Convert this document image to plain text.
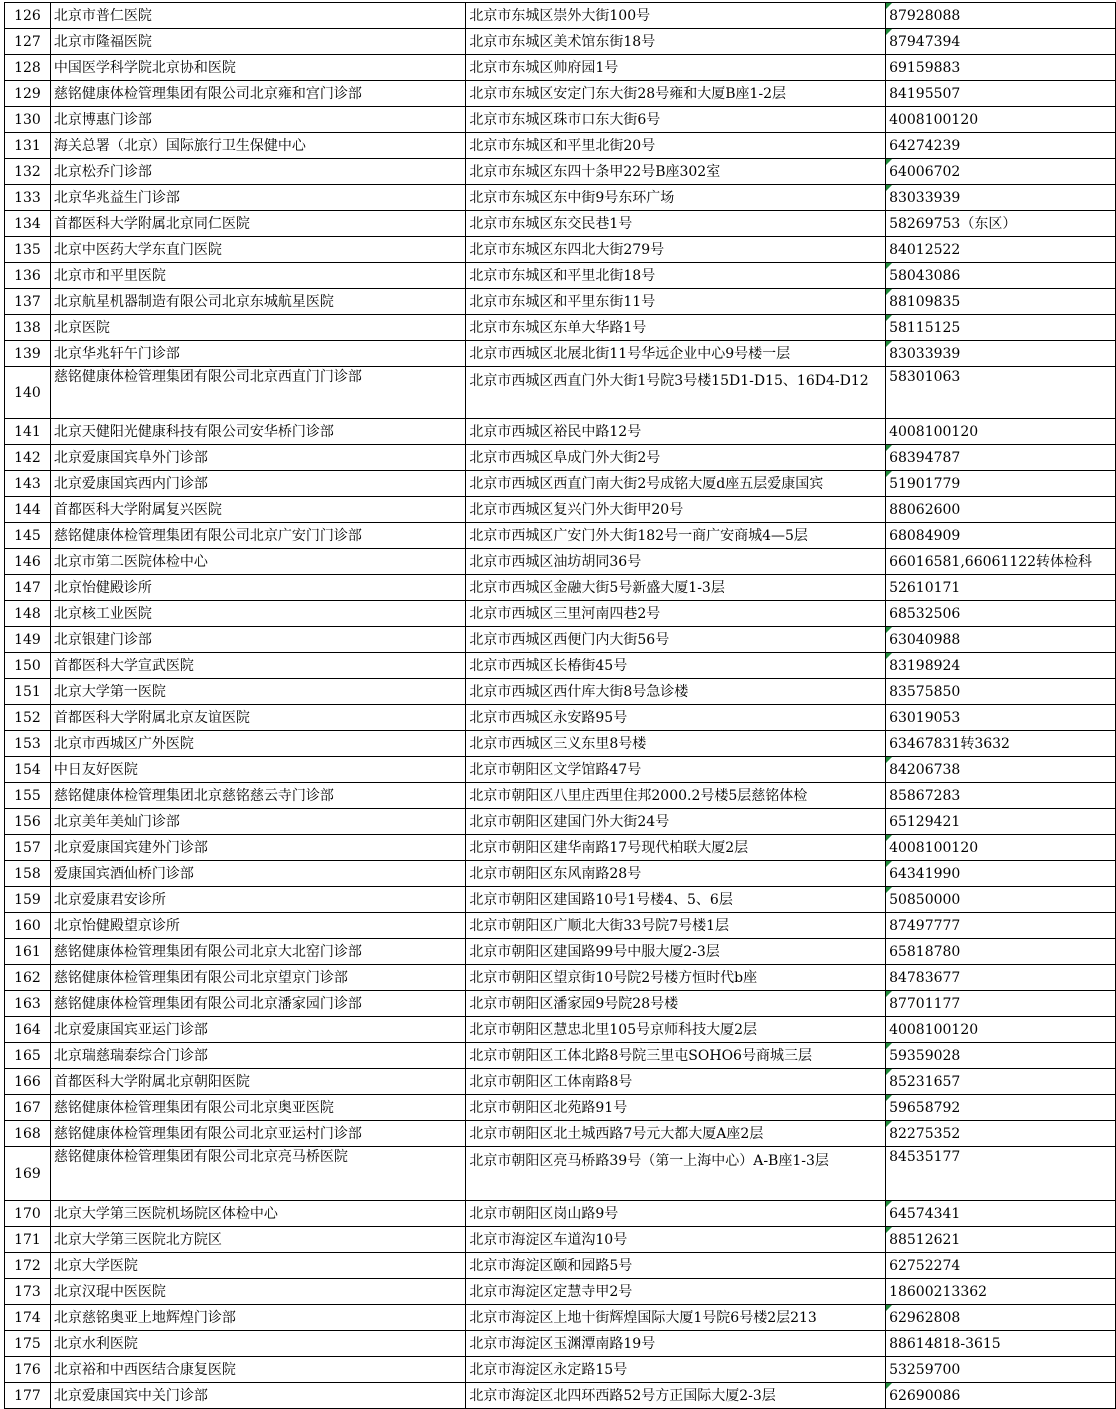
126	北京市普仁医院	北京市东城区崇外大街100号	87928088
127	北京市隆福医院	北京市东城区美术馆东街18号	87947394
128	中国医学科学院北京协和医院	北京市东城区帅府园1号	69159883
129	慈铭健康体检管理集团有限公司北京雍和宫门诊部	北京市东城区安定门东大街28号雍和大厦B座1-2层	84195507
130	北京博惠门诊部	北京市东城区珠市口东大街6号	4008100120
131	海关总署（北京）国际旅行卫生保健中心	北京市东城区和平里北街20号	64274239
132	北京松乔门诊部	北京市东城区东四十条甲22号B座302室	64006702
133	北京华兆益生门诊部	北京市东城区东中街9号东环广场	83033939
134	首都医科大学附属北京同仁医院	北京市东城区东交民巷1号	58269753（东区）
135	北京中医药大学东直门医院	北京市东城区东四北大街279号	84012522
136	北京市和平里医院	北京市东城区和平里北街18号	58043086
137	北京航星机器制造有限公司北京东城航星医院	北京市东城区和平里东街11号	88109835
138	北京医院	北京市东城区东单大华路1号	58115125
139	北京华兆轩午门诊部	北京市西城区北展北街11号华远企业中心9号楼一层	83033939
140	慈铭健康体检管理集团有限公司北京西直门门诊部	北京市西城区西直门外大街1号院3号楼15D1-D15、16D4-D12	58301063
141	北京天健阳光健康科技有限公司安华桥门诊部	北京市西城区裕民中路12号	4008100120
142	北京爱康国宾阜外门诊部	北京市西城区阜成门外大街2号	68394787
143	北京爱康国宾西内门诊部	北京市西城区西直门南大街2号成铭大厦d座五层爱康国宾	51901779
144	首都医科大学附属复兴医院	北京市西城区复兴门外大街甲20号	88062600
145	慈铭健康体检管理集团有限公司北京广安门门诊部	北京市西城区广安门外大街182号一商广安商城4—5层	68084909
146	北京市第二医院体检中心	北京市西城区油坊胡同36号	66016581,66061122转体检科
147	北京怡健殿诊所	北京市西城区金融大街5号新盛大厦1-3层	52610171
148	北京核工业医院	北京市西城区三里河南四巷2号	68532506
149	北京银建门诊部	北京市西城区西便门内大街56号	63040988
150	首都医科大学宣武医院	北京市西城区长椿街45号	83198924
151	北京大学第一医院	北京市西城区西什库大街8号急诊楼	83575850
152	首都医科大学附属北京友谊医院	北京市西城区永安路95号	63019053
153	北京市西城区广外医院	北京市西城区三义东里8号楼	63467831转3632
154	中日友好医院	北京市朝阳区文学馆路47号	84206738
155	慈铭健康体检管理集团北京慈铭慈云寺门诊部	北京市朝阳区八里庄西里住邦2000.2号楼5层慈铭体检	85867283
156	北京美年美灿门诊部	北京市朝阳区建国门外大街24号	65129421
157	北京爱康国宾建外门诊部	北京市朝阳区建华南路17号现代柏联大厦2层	4008100120
158	爱康国宾酒仙桥门诊部	北京市朝阳区东风南路28号	64341990
159	北京爱康君安诊所	北京市朝阳区建国路10号1号楼4、5、6层	50850000
160	北京怡健殿望京诊所	北京市朝阳区广顺北大街33号院7号楼1层	87497777
161	慈铭健康体检管理集团有限公司北京大北窑门诊部	北京市朝阳区建国路99号中服大厦2-3层	65818780
162	慈铭健康体检管理集团有限公司北京望京门诊部	北京市朝阳区望京街10号院2号楼方恒时代b座	84783677
163	慈铭健康体检管理集团有限公司北京潘家园门诊部	北京市朝阳区潘家园9号院28号楼	87701177
164	北京爱康国宾亚运门诊部	北京市朝阳区慧忠北里105号京师科技大厦2层	4008100120
165	北京瑞慈瑞泰综合门诊部	北京市朝阳区工体北路8号院三里屯SOHO6号商城三层	59359028
166	首都医科大学附属北京朝阳医院	北京市朝阳区工体南路8号	85231657
167	慈铭健康体检管理集团有限公司北京奥亚医院	北京市朝阳区北苑路91号	59658792
168	慈铭健康体检管理集团有限公司北京亚运村门诊部	北京市朝阳区北土城西路7号元大都大厦A座2层	82275352
169	慈铭健康体检管理集团有限公司北京亮马桥医院	北京市朝阳区亮马桥路39号（第一上海中心）A-B座1-3层	84535177
170	北京大学第三医院机场院区体检中心	北京市朝阳区岗山路9号	64574341
171	北京大学第三医院北方院区	北京市海淀区车道沟10号	88512621
172	北京大学医院	北京市海淀区颐和园路5号	62752274
173	北京汉琨中医医院	北京市海淀区定慧寺甲2号	18600213362
174	北京慈铭奥亚上地辉煌门诊部	北京市海淀区上地十街辉煌国际大厦1号院6号楼2层213	62962808
175	北京水利医院	北京市海淀区玉渊潭南路19号	88614818-3615
176	北京裕和中西医结合康复医院	北京市海淀区永定路15号	53259700
177	北京爱康国宾中关门诊部	北京市海淀区北四环西路52号方正国际大厦2-3层	62690086
